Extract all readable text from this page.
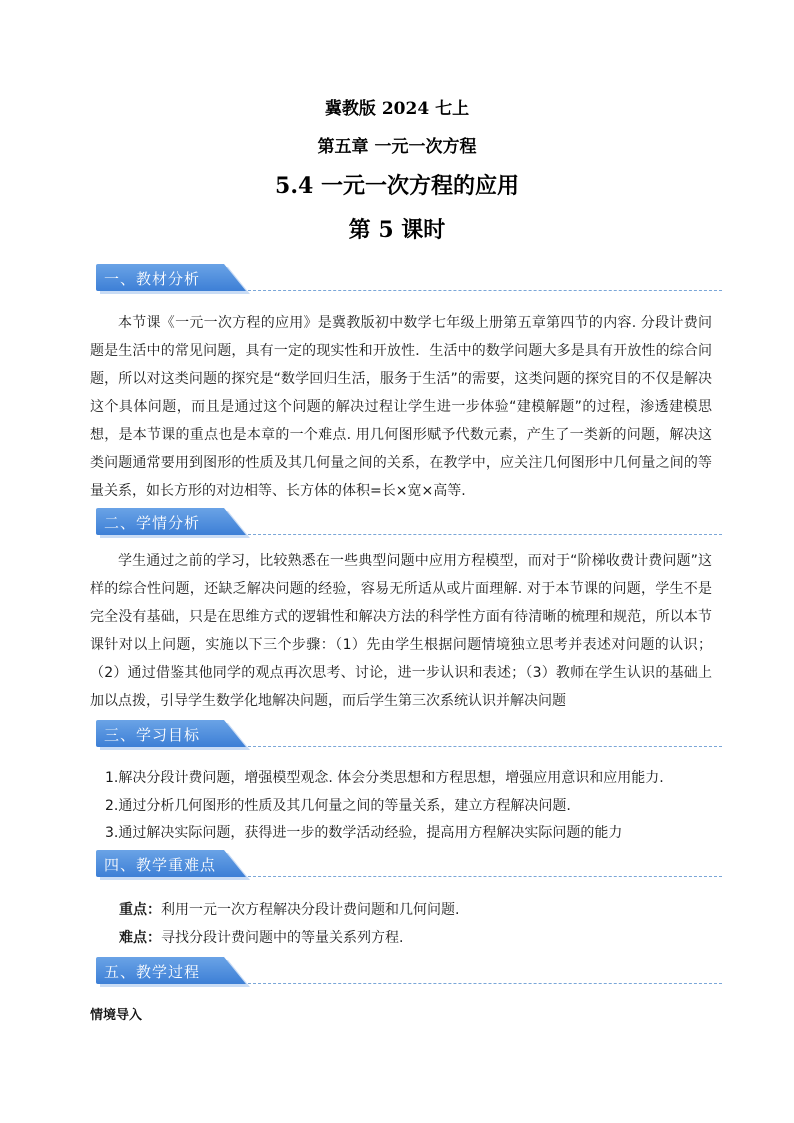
冀教版 2024 七上
第五章 一元一次方程
5.4 一元一次方程的应用
第 5 课时
一、教材分析
本节课《一元一次方程的应用》是冀教版初中数学七年级上册第五章第四节的内容. 分段计费问题是生活中的常见问题，具有一定的现实性和开放性．生活中的数学问题大多是具有开放性的综合问题，所以对这类问题的探究是“数学回归生活，服务于生活”的需要，这类问题的探究目的不仅是解决这个具体问题，而且是通过这个问题的解决过程让学生进一步体验“建模解题”的过程，渗透建模思想，是本节课的重点也是本章的一个难点. 用几何图形赋予代数元素，产生了一类新的问题，解决这类问题通常要用到图形的性质及其几何量之间的关系，在教学中，应关注几何图形中几何量之间的等量关系，如长方形的对边相等、长方体的体积=长×宽×高等.
二、学情分析
学生通过之前的学习，比较熟悉在一些典型问题中应用方程模型，而对于“阶梯收费计费问题”这样的综合性问题，还缺乏解决问题的经验，容易无所适从或片面理解. 对于本节课的问题，学生不是完全没有基础，只是在思维方式的逻辑性和解决方法的科学性方面有待清晰的梳理和规范，所以本节课针对以上问题，实施以下三个步骤：（1）先由学生根据问题情境独立思考并表述对问题的认识；（2）通过借鉴其他同学的观点再次思考、讨论，进一步认识和表述；（3）教师在学生认识的基础上加以点拨，引导学生数学化地解决问题，而后学生第三次系统认识并解决问题
三、学习目标
1.解决分段计费问题，增强模型观念. 体会分类思想和方程思想，增强应用意识和应用能力.
2.通过分析几何图形的性质及其几何量之间的等量关系，建立方程解决问题.
3.通过解决实际问题，获得进一步的数学活动经验，提高用方程解决实际问题的能力
四、教学重难点
重点：利用一元一次方程解决分段计费问题和几何问题.
难点：寻找分段计费问题中的等量关系列方程.
五、教学过程
情境导入
